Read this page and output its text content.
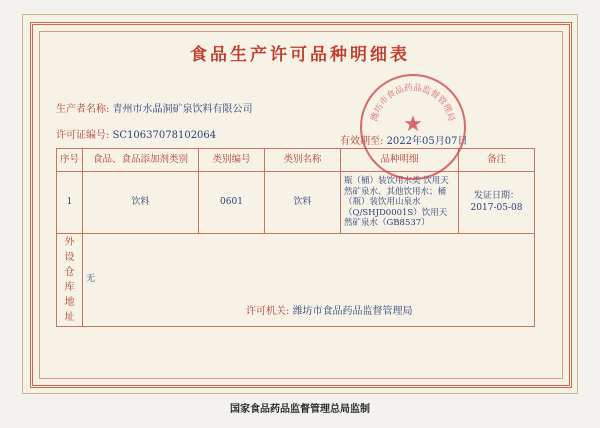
食品生产许可品种明细表
生产者名称: 青州市水晶洞矿泉饮料有限公司
许可证编号: SC10637078102064
有效期至: 2022年05月07日
序号	食品、食品添加剂类别	类别编号	类别名称	品种明细	备注
1	饮料	0601	饮料	瓶（桶）装饮用水类 饮用天然矿泉水、其他饮用水；桶（瓶）装饮用山泉水（Q/SHJD0001S）饮用天然矿泉水（GB8537）	发证日期：2017-05-08
外设仓库地址	无				
许可机关: 潍坊市食品药品监督管理局
潍坊市食品药品监督管理局
★
国家食品药品监督管理总局监制
